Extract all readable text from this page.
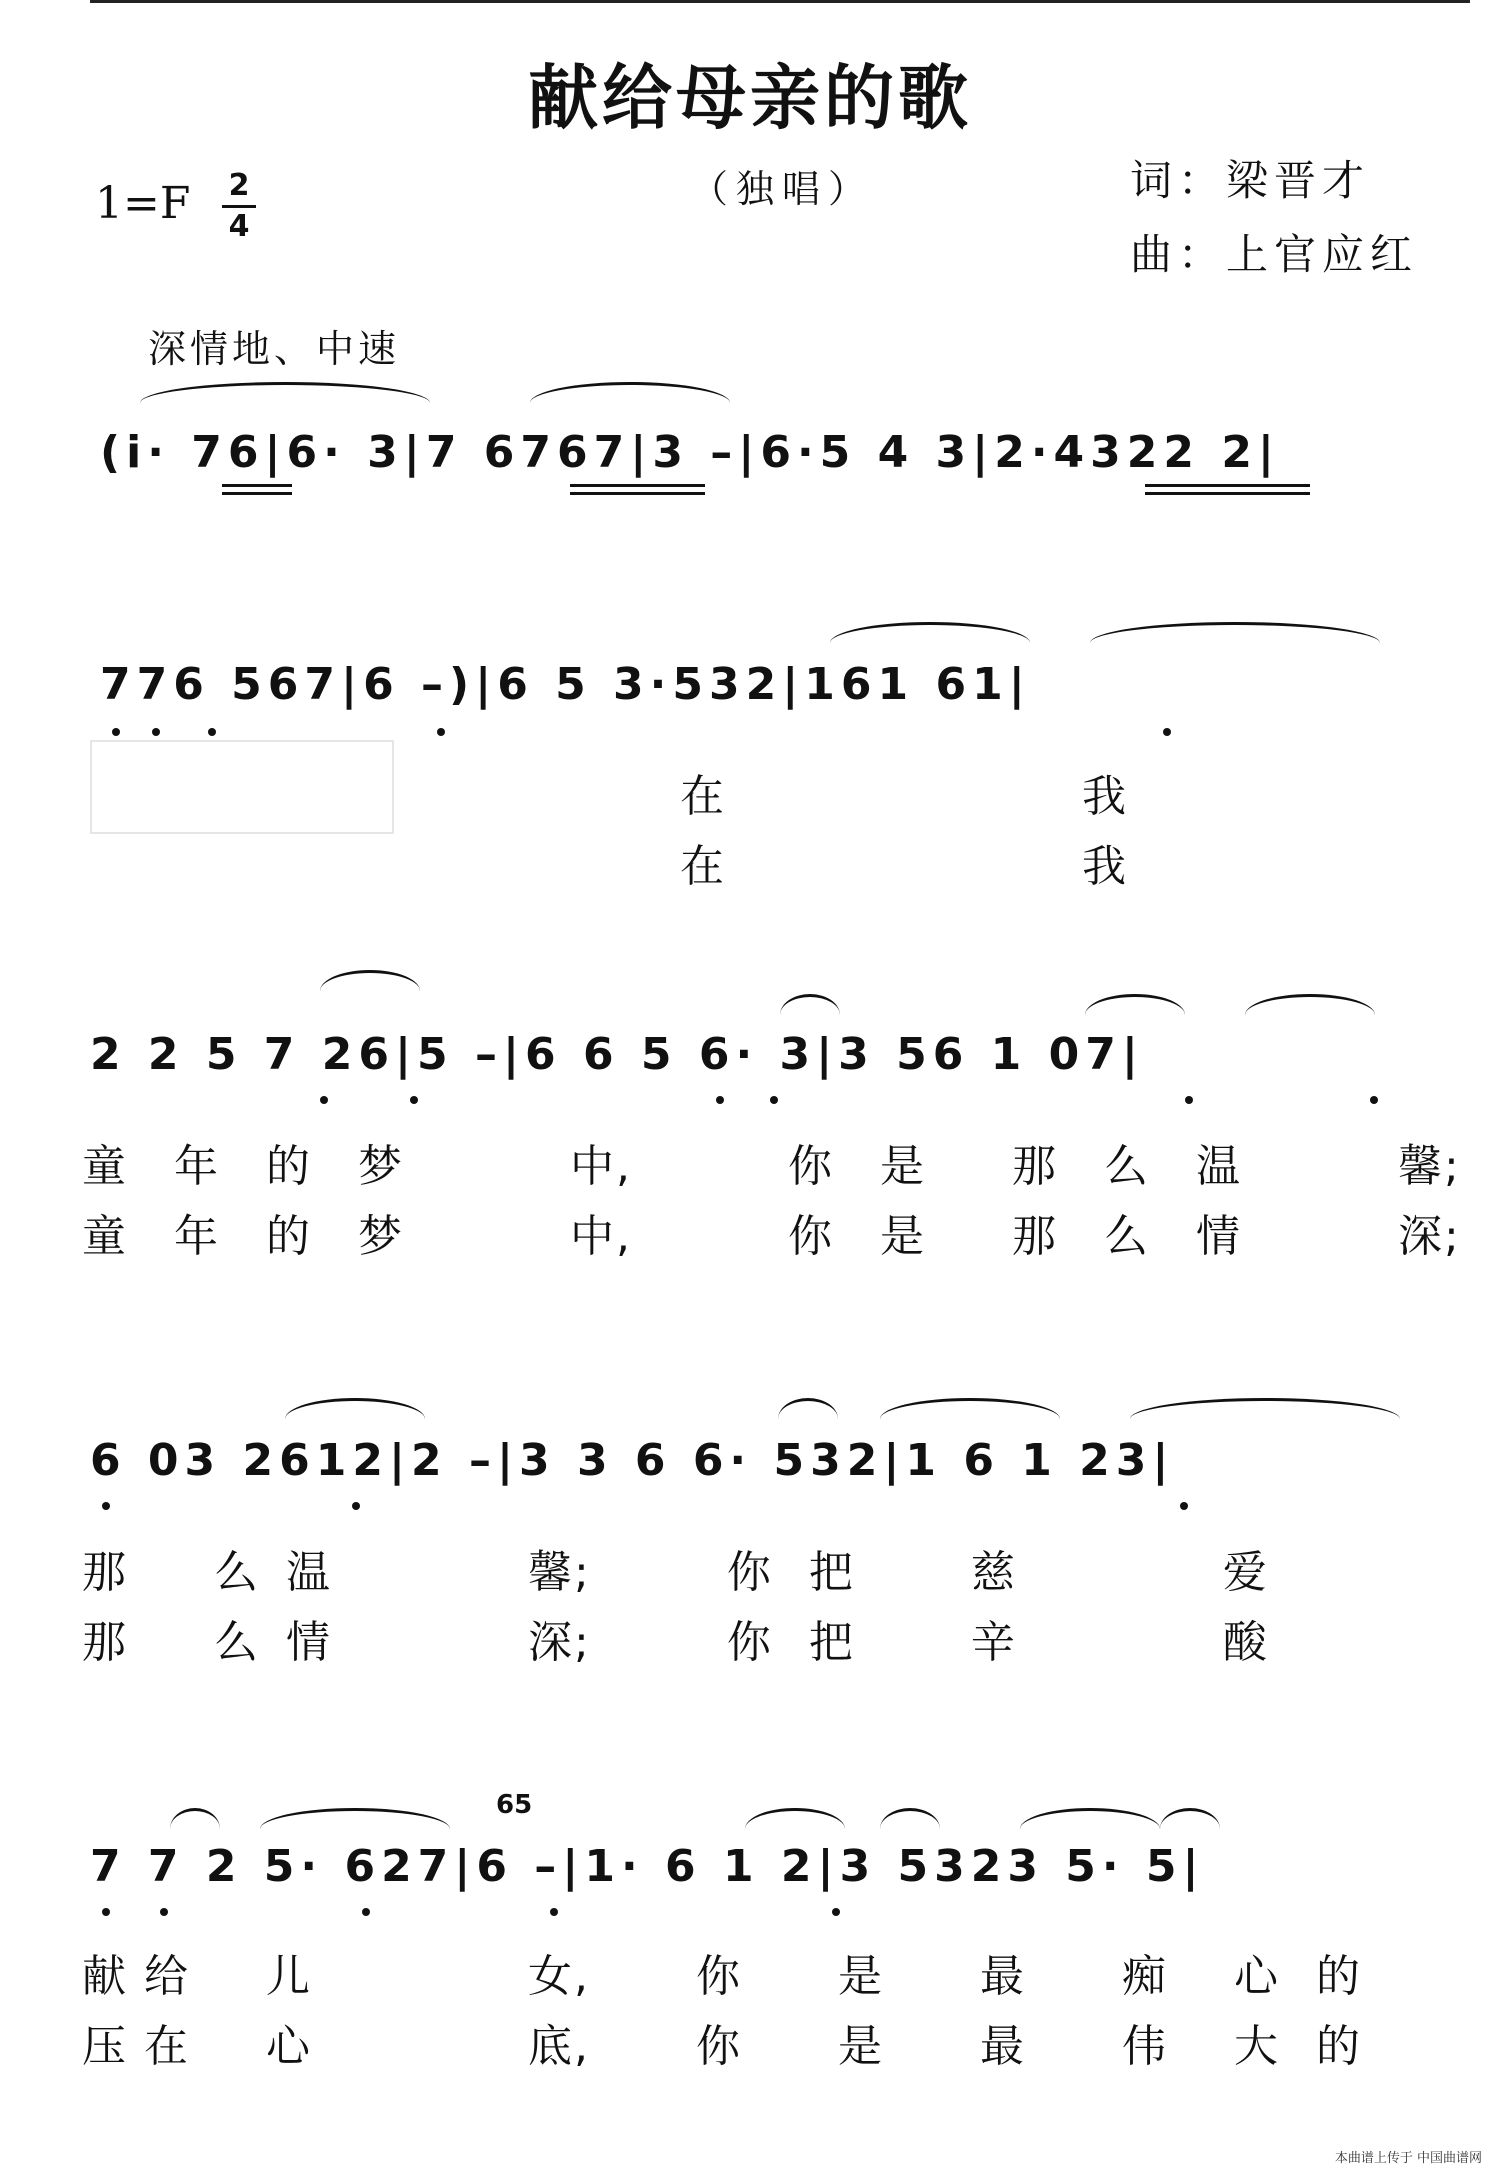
献给母亲的歌
1=F 2
4
（独唱）	词：梁晋才
曲：上官应红
深情地、中速
(i· 76|6· 3|7 6767|3 –|6·5 4 3|2·4322 2|
776 567|6 –)|6 5 3·532|161 61|
在	我
在	我
2 2 5 7 26|5 –|6 6 5 6· 3|3 56 1 07|
童 年 的 梦	中,	你 是 那 么 温	馨;
童 年 的 梦	中,	你 是 那 么 情	深;
6 03 2612|2 –|3 3 6 6· 532|1 6 1 23|
那 么 温	馨;	你 把	慈	爱
那 么 情	深;	你 把	辛	酸
65
7 7 2 5· 627|6 –|1· 6 1 2|3 5323 5· 5|
献 给 儿	女, 你 是 最 痴 心 的
压 在 心	底, 你 是 最 伟 大 的
本曲谱上传于 中国曲谱网
